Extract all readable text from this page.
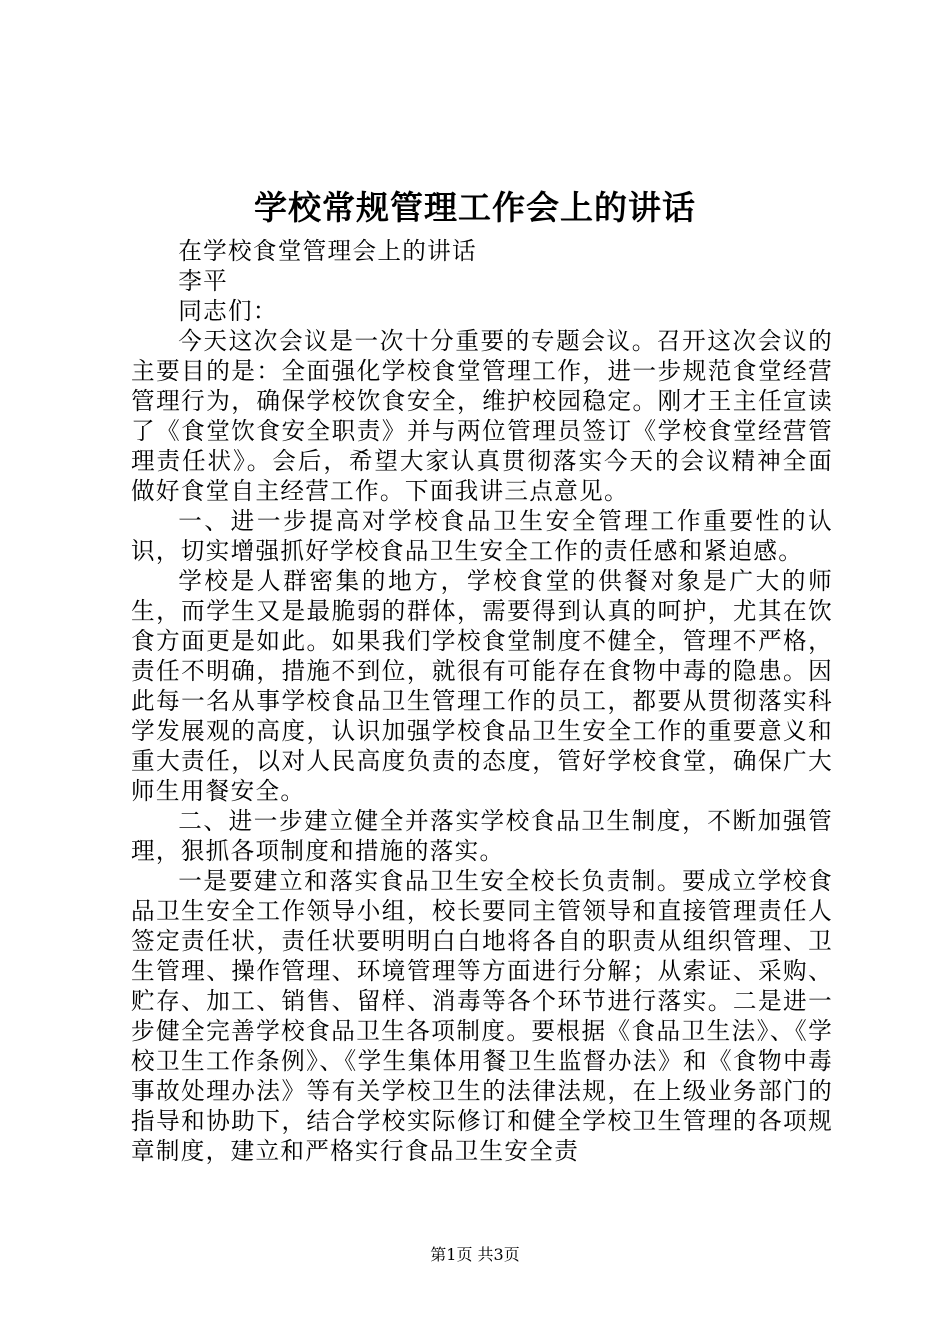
学校常规管理工作会上的讲话

在学校食堂管理会上的讲话

李平

同志们：

今天这次会议是一次十分重要的专题会议。召开这次会议的主要目的是：全面强化学校食堂管理工作，进一步规范食堂经营管理行为，确保学校饮食安全，维护校园稳定。刚才王主任宣读了《食堂饮食安全职责》并与两位管理员签订《学校食堂经营管理责任状》。会后，希望大家认真贯彻落实今天的会议精神全面做好食堂自主经营工作。下面我讲三点意见。

一、进一步提高对学校食品卫生安全管理工作重要性的认识，切实增强抓好学校食品卫生安全工作的责任感和紧迫感。

学校是人群密集的地方，学校食堂的供餐对象是广大的师生，而学生又是最脆弱的群体，需要得到认真的呵护，尤其在饮食方面更是如此。如果我们学校食堂制度不健全，管理不严格，责任不明确，措施不到位，就很有可能存在食物中毒的隐患。因此每一名从事学校食品卫生管理工作的员工，都要从贯彻落实科学发展观的高度，认识加强学校食品卫生安全工作的重要意义和重大责任，以对人民高度负责的态度，管好学校食堂，确保广大师生用餐安全。

二、进一步建立健全并落实学校食品卫生制度，不断加强管理，狠抓各项制度和措施的落实。

一是要建立和落实食品卫生安全校长负责制。要成立学校食品卫生安全工作领导小组，校长要同主管领导和直接管理责任人签定责任状，责任状要明明白白地将各自的职责从组织管理、卫生管理、操作管理、环境管理等方面进行分解；从索证、采购、贮存、加工、销售、留样、消毒等各个环节进行落实。二是进一步健全完善学校食品卫生各项制度。要根据《食品卫生法》、《学校卫生工作条例》、《学生集体用餐卫生监督办法》和《食物中毒事故处理办法》等有关学校卫生的法律法规，在上级业务部门的指导和协助下，结合学校实际修订和健全学校卫生管理的各项规章制度，建立和严格实行食品卫生安全责

第1页 共3页
